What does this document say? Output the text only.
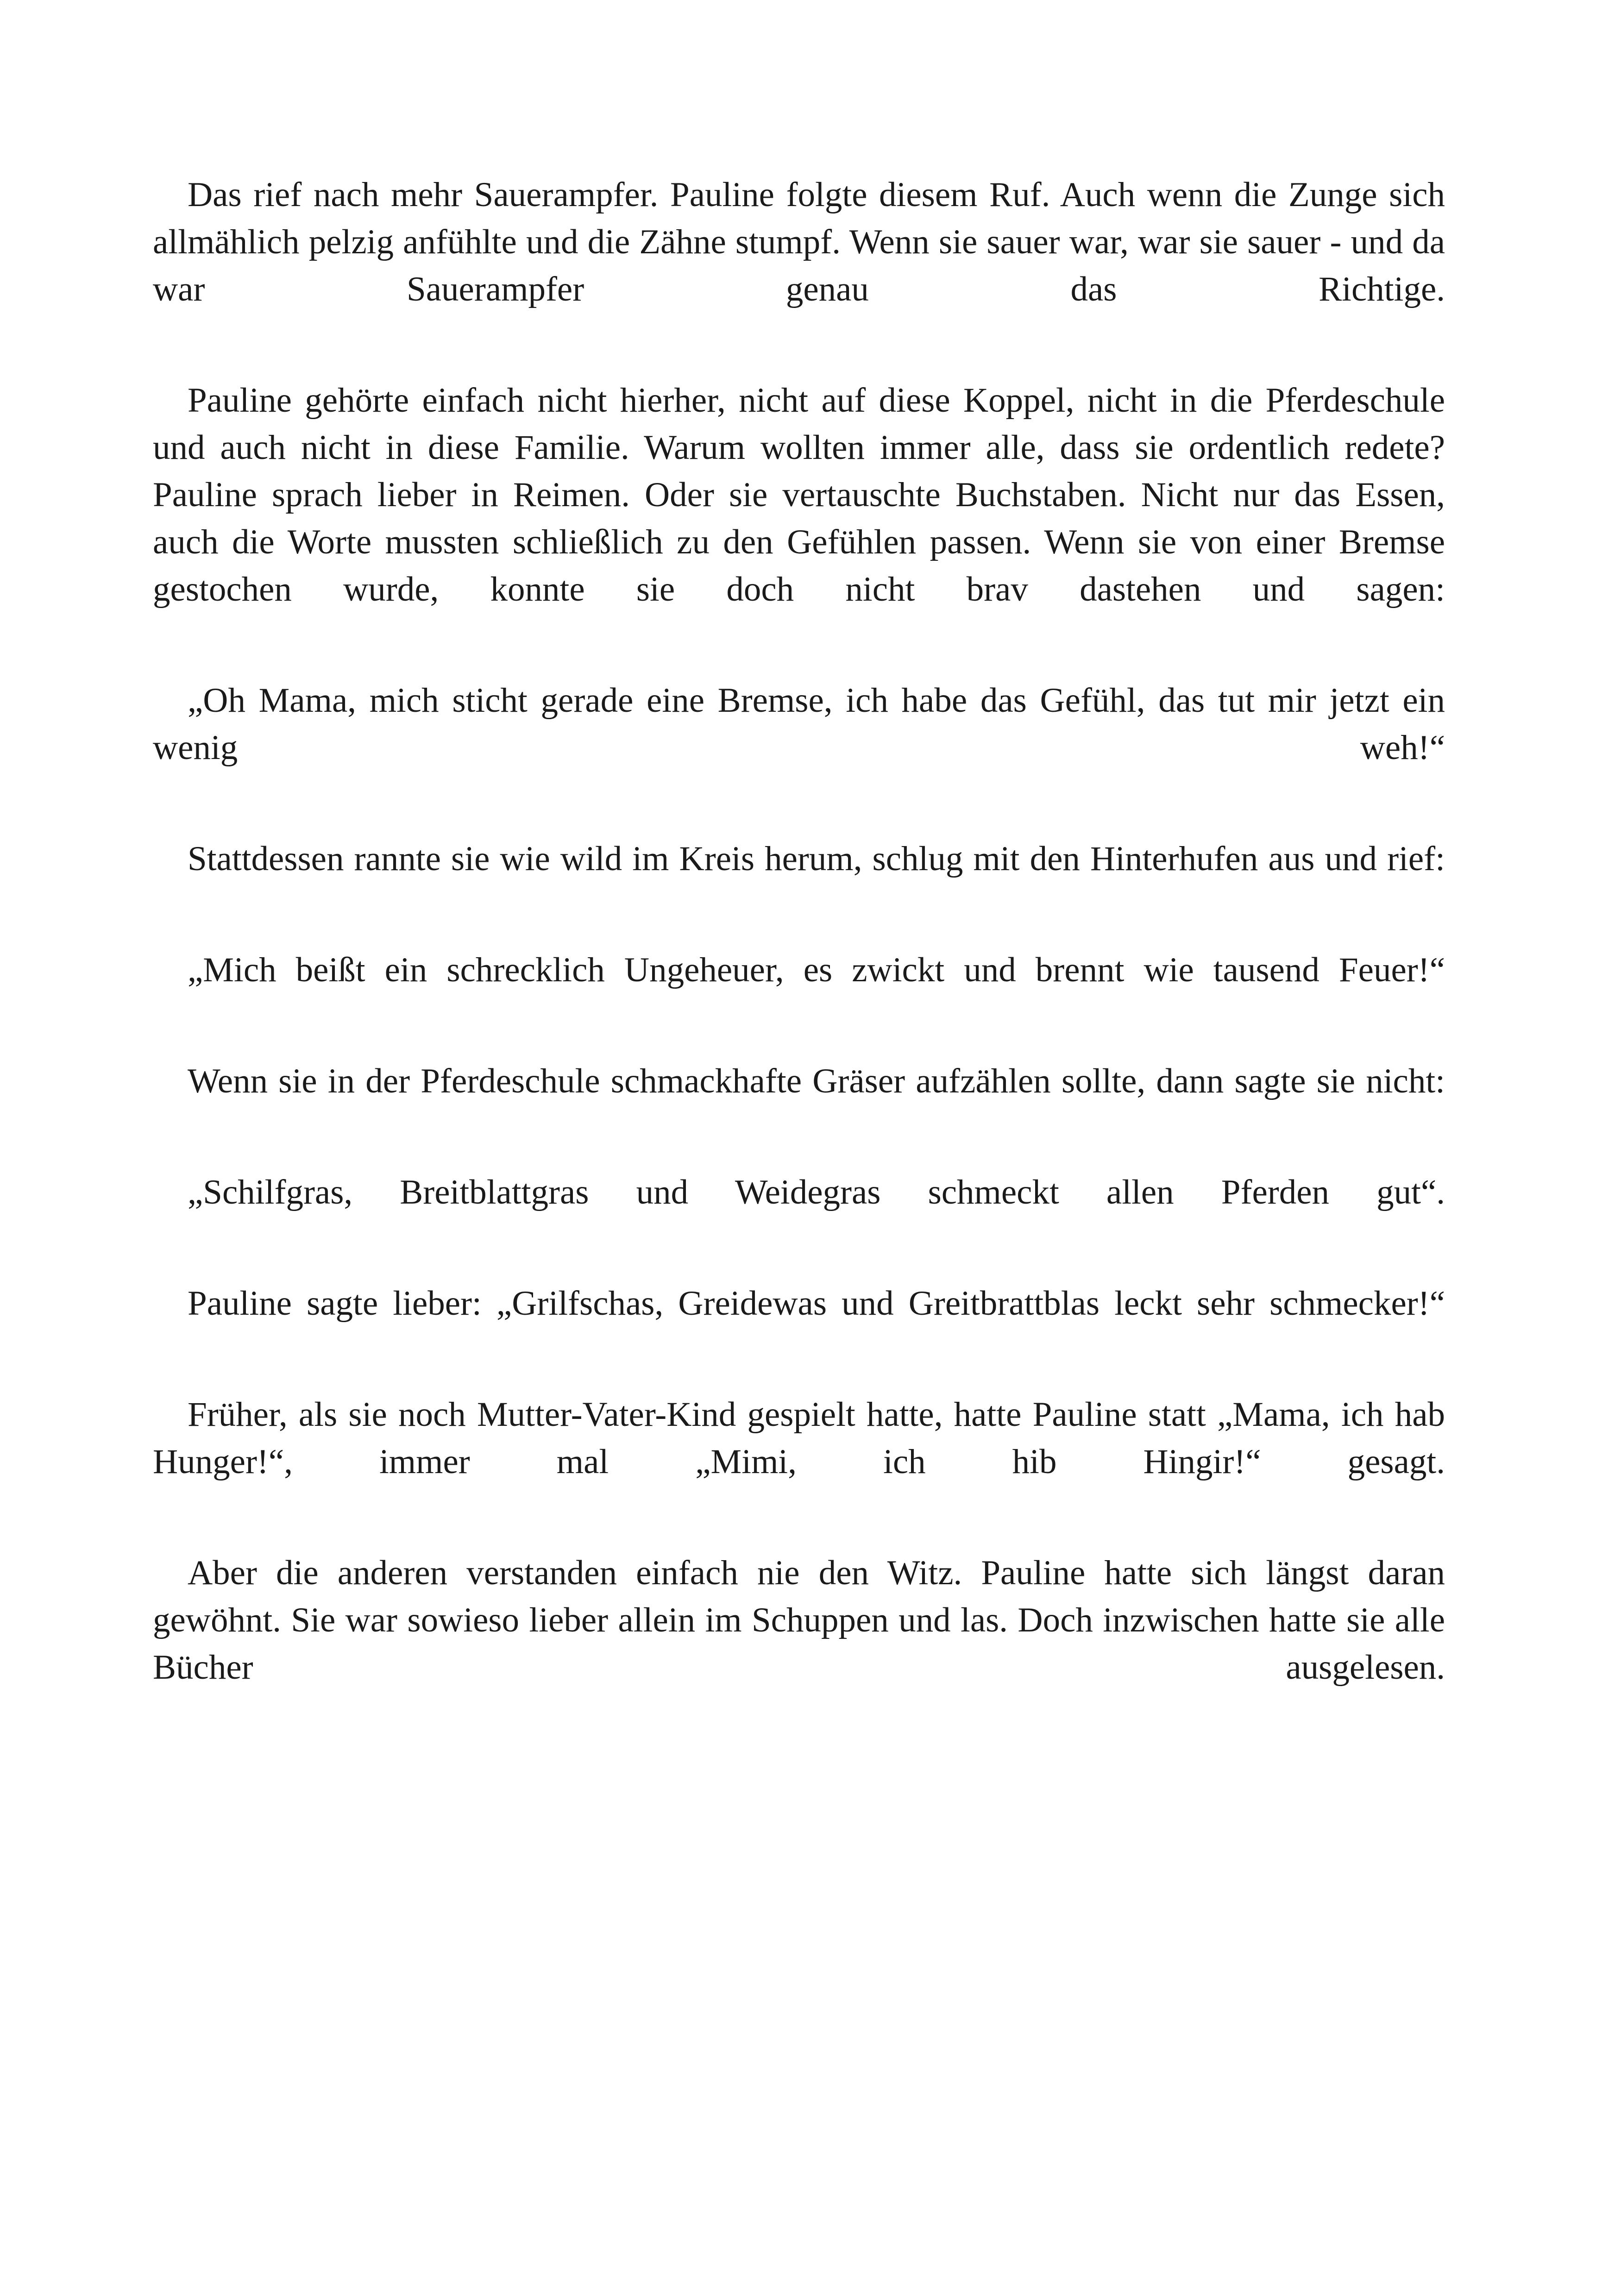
Das rief nach mehr Sauerampfer. Pauline folgte diesem Ruf. Auch wenn die Zunge sich allmählich pelzig anfühlte und die Zähne stumpf. Wenn sie sauer war, war sie sauer - und da war Sauerampfer genau das Richtige.

Pauline gehörte einfach nicht hierher, nicht auf diese Koppel, nicht in die Pferdeschule und auch nicht in diese Familie. Warum wollten immer alle, dass sie ordentlich redete? Pauline sprach lieber in Reimen. Oder sie vertauschte Buchstaben. Nicht nur das Essen, auch die Worte mussten schließlich zu den Gefühlen passen. Wenn sie von einer Bremse gestochen wurde, konnte sie doch nicht brav dastehen und sagen:

„Oh Mama, mich sticht gerade eine Bremse, ich habe das Gefühl, das tut mir jetzt ein wenig weh!“

Stattdessen rannte sie wie wild im Kreis herum, schlug mit den Hinterhufen aus und rief:

„Mich beißt ein schrecklich Ungeheuer, es zwickt und brennt wie tausend Feuer!“

Wenn sie in der Pferdeschule schmackhafte Gräser aufzählen sollte, dann sagte sie nicht:

„Schilfgras, Breitblattgras und Weidegras schmeckt allen Pferden gut“.

Pauline sagte lieber: „Grilfschas, Greidewas und Greitbrattblas leckt sehr schmecker!“

Früher, als sie noch Mutter-Vater-Kind gespielt hatte, hatte Pauline statt „Mama, ich hab Hunger!“, immer mal „Mimi, ich hib Hingir!“ gesagt.

Aber die anderen verstanden einfach nie den Witz. Pauline hatte sich längst daran gewöhnt. Sie war sowieso lieber allein im Schuppen und las. Doch inzwischen hatte sie alle Bücher ausgelesen.
